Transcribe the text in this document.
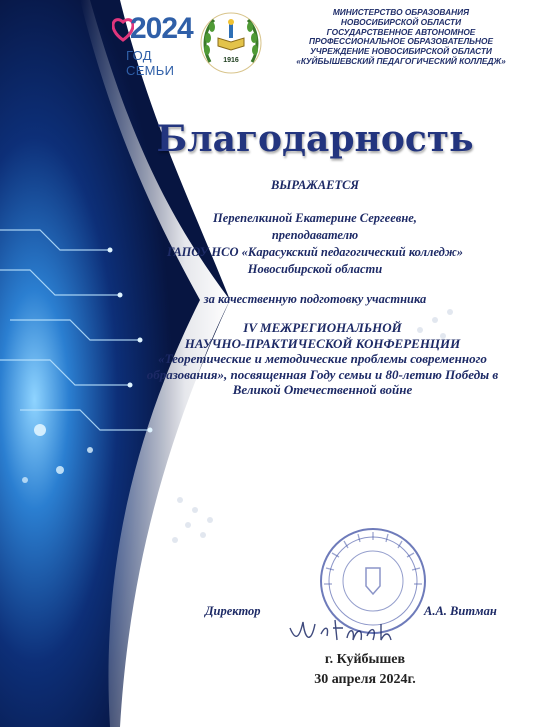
2024
ГОД СЕМЬИ
1916
МИНИСТЕРСТВО ОБРАЗОВАНИЯ
НОВОСИБИРСКОЙ ОБЛАСТИ
ГОСУДАРСТВЕННОЕ АВТОНОМНОЕ
ПРОФЕССИОНАЛЬНОЕ ОБРАЗОВАТЕЛЬНОЕ
УЧРЕЖДЕНИЕ НОВОСИБИРСКОЙ ОБЛАСТИ
«КУЙБЫШЕВСКИЙ ПЕДАГОГИЧЕСКИЙ КОЛЛЕДЖ»
Благодарность
ВЫРАЖАЕТСЯ
Перепелкиной Екатерине Сергеевне,
преподавателю
ГАПОУ НСО «Карасукский педагогический колледж»
Новосибирской области
за качественную подготовку участника
IV МЕЖРЕГИОНАЛЬНОЙ
НАУЧНО-ПРАКТИЧЕСКОЙ КОНФЕРЕНЦИИ
«Теоретические и методические проблемы современного
образования», посвященная Году семьи и 80-летию Победы в
Великой Отечественной войне
Директор	А.А. Витман
г. Куйбышев
30 апреля 2024г.
